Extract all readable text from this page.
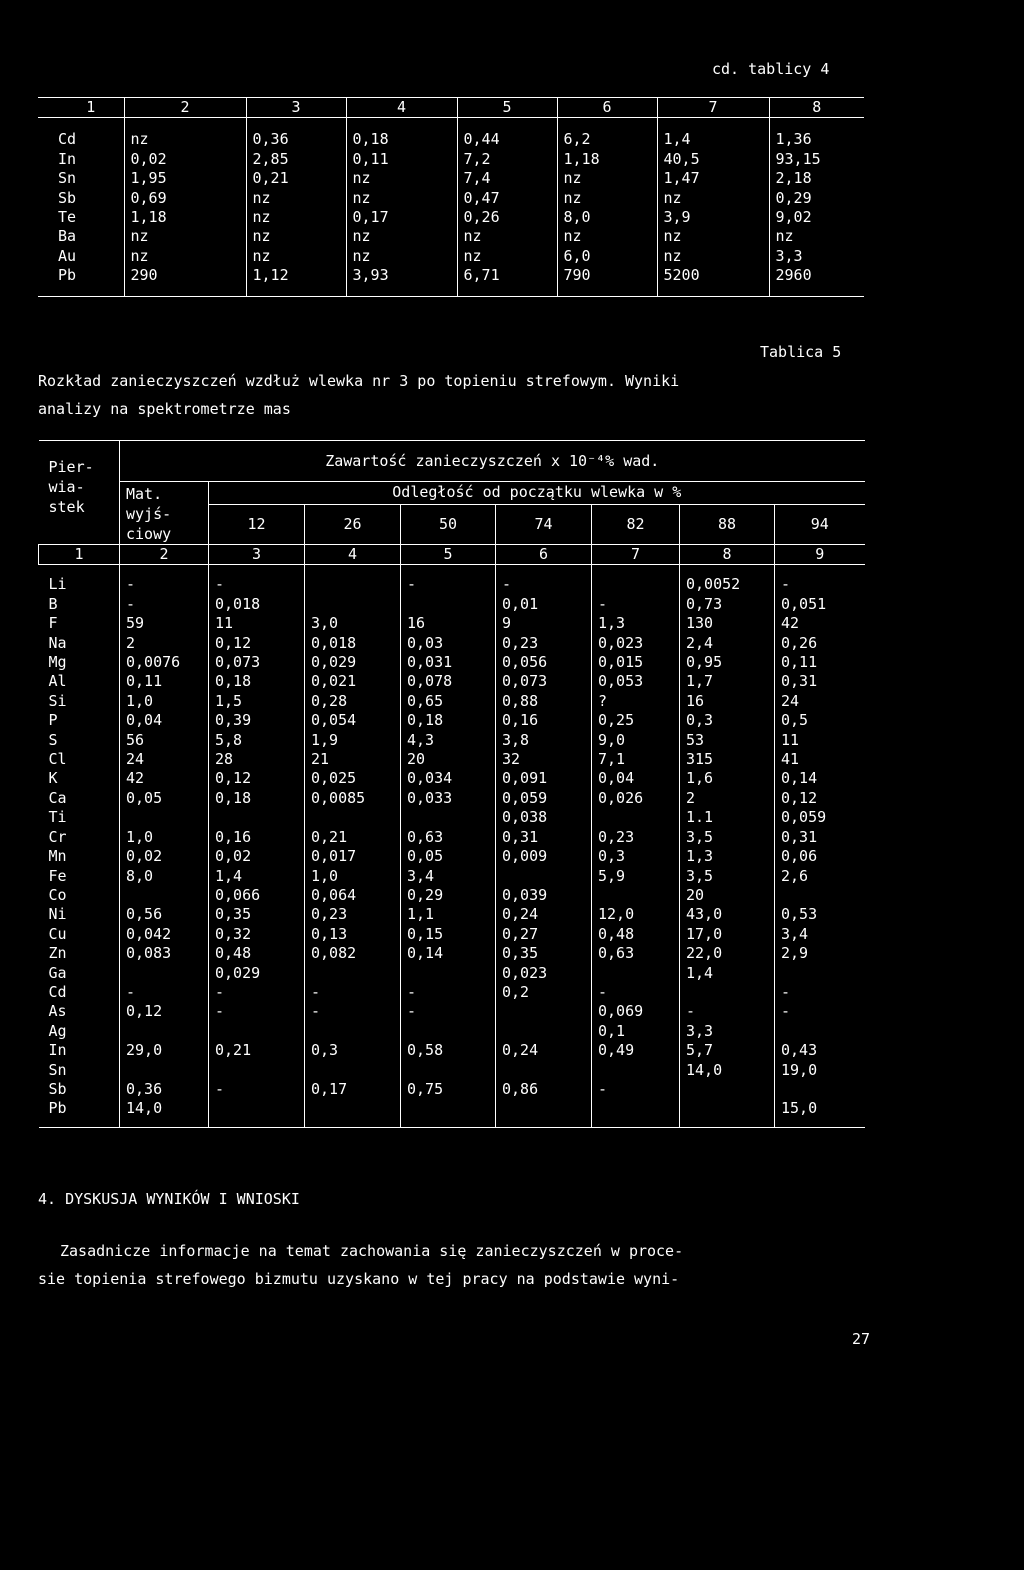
cd. tablicy 4
1	2	3	4	5	6	7	8
Cd	nz	0,36	0,18	0,44	6,2	1,4	1,36
In	0,02	2,85	0,11	7,2	1,18	40,5	93,15
Sn	1,95	0,21	nz	7,4	nz	1,47	2,18
Sb	0,69	nz	nz	0,47	nz	nz	0,29
Te	1,18	nz	0,17	0,26	8,0	3,9	9,02
Ba	nz	nz	nz	nz	nz	nz	nz
Au	nz	nz	nz	nz	6,0	nz	3,3
Pb	290	1,12	3,93	6,71	790	5200	2960
Tablica 5
Rozkład zanieczyszczeń wzdłuż wlewka nr 3 po topieniu strefowym. Wyniki
analizy na spektrometrze mas
Pier-
wia-
stek	Zawartość zanieczyszczeń x 10⁻⁴% wad.							

	Mat.
wyjś-
ciowy	Odległość od początku wlewka w %						
		12	26	50	74	82	88	94
1	2	3	4	5	6	7	8	9
Li	-	-		-	-		0,0052	-
B	-	0,018			0,01	-	0,73	0,051
F	59	11	3,0	16	9	1,3	130	42
Na	2	0,12	0,018	0,03	0,23	0,023	2,4	0,26
Mg	0,0076	0,073	0,029	0,031	0,056	0,015	0,95	0,11
Al	0,11	0,18	0,021	0,078	0,073	0,053	1,7	0,31
Si	1,0	1,5	0,28	0,65	0,88	?	16	24
P	0,04	0,39	0,054	0,18	0,16	0,25	0,3	0,5
S	56	5,8	1,9	4,3	3,8	9,0	53	11
Cl	24	28	21	20	32	7,1	315	41
K	42	0,12	0,025	0,034	0,091	0,04	1,6	0,14
Ca	0,05	0,18	0,0085	0,033	0,059	0,026	2	0,12
Ti					0,038		1.1	0,059
Cr	1,0	0,16	0,21	0,63	0,31	0,23	3,5	0,31
Mn	0,02	0,02	0,017	0,05	0,009	0,3	1,3	0,06
Fe	8,0	1,4	1,0	3,4		5,9	3,5	2,6
Co		0,066	0,064	0,29	0,039		20	
Ni	0,56	0,35	0,23	1,1	0,24	12,0	43,0	0,53
Cu	0,042	0,32	0,13	0,15	0,27	0,48	17,0	3,4
Zn	0,083	0,48	0,082	0,14	0,35	0,63	22,0	2,9
Ga		0,029			0,023		1,4	
Cd	-	-	-	-	0,2	-		-
As	0,12	-	-	-		0,069	-	-
Ag						0,1	3,3	
In	29,0	0,21	0,3	0,58	0,24	0,49	5,7	0,43
Sn							14,0	19,0
Sb	0,36	-	0,17	0,75	0,86	-		
Pb	14,0							15,0
4. DYSKUSJA WYNIKÓW I WNIOSKI
Zasadnicze informacje na temat zachowania się zanieczyszczeń w proce-
sie topienia strefowego bizmutu uzyskano w tej pracy na podstawie wyni-
27
